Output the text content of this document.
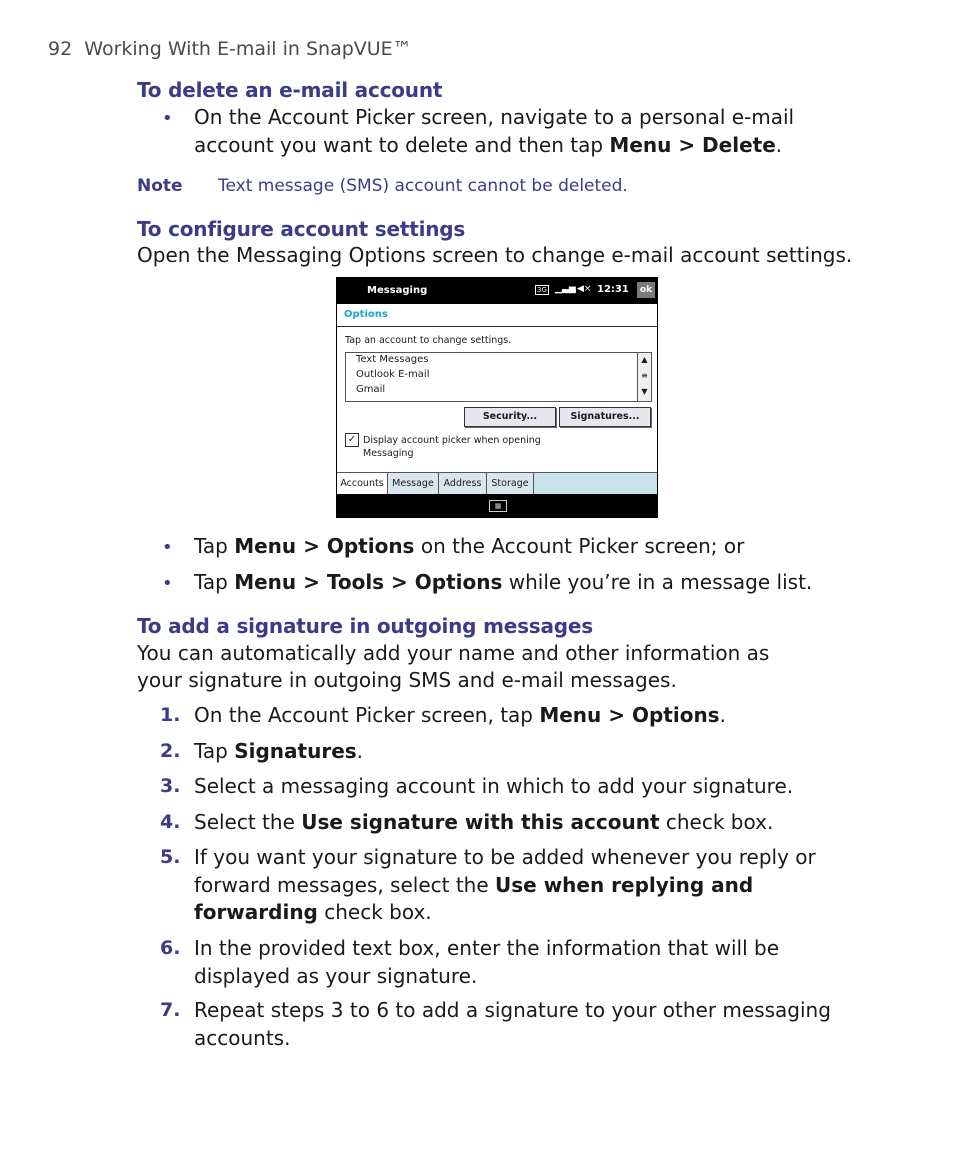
92 Working With E-mail in SnapVUE™
To delete an e-mail account
• On the Account Picker screen, navigate to a personal e-mail account you want to delete and then tap Menu > Delete.
Note Text message (SMS) account cannot be deleted.
To configure account settings
Open the Messaging Options screen to change e-mail account settings.
Messaging	3G ▁▃▅ ◀× 12:31	ok
Options
Tap an account to change settings.
Text Messages
Outlook E-mail
Gmail
▲
≡
▼
Security...	Signatures...
✓ Display account picker when opening Messaging
Accounts Message	Address	Storage
▦
• Tap Menu > Options on the Account Picker screen; or
• Tap Menu > Tools > Options while you’re in a message list.
To add a signature in outgoing messages
You can automatically add your name and other information as your signature in outgoing SMS and e-mail messages.
1. On the Account Picker screen, tap Menu > Options.
2. Tap Signatures.
3. Select a messaging account in which to add your signature.
4. Select the Use signature with this account check box.
5. If you want your signature to be added whenever you reply or forward messages, select the Use when replying and forwarding check box.
6. In the provided text box, enter the information that will be displayed as your signature.
7. Repeat steps 3 to 6 to add a signature to your other messaging accounts.
